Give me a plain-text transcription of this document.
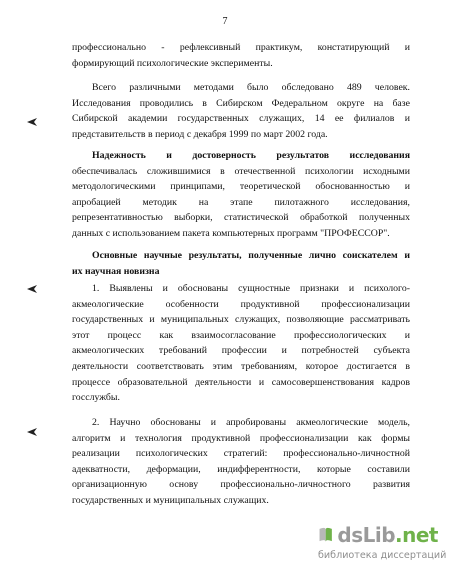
7
профессионально - рефлексивный практикум, констатирующий и
формирующий психологические эксперименты.
Всего различными методами было обследовано 489 человек.
Исследования проводились в Сибирском Федеральном округе на базе
Сибирской академии государственных служащих, 14 ее филиалов и
представительств в период с декабря 1999 по март 2002 года.
Надежность и достоверность результатов исследования
обеспечивалась сложившимися в отечественной психологии исходными
методологическими принципами, теоретической обоснованностью и
апробацией методик на этапе пилотажного исследования,
репрезентативностью выборки, статистической обработкой полученных
данных с использованием пакета компьютерных программ "ПРОФЕССОР".
Основные научные результаты, полученные лично соискателем и
их научная новизна
1. Выявлены и обоснованы сущностные признаки и психолого-
акмеологические особенности продуктивной профессионализации
государственных и муниципальных служащих, позволяющие рассматривать
этот процесс как взаимосогласование профессиологических и
акмеологических требований профессии и потребностей субъекта
деятельности соответствовать этим требованиям, которое достигается в
процессе образовательной деятельности и самосовершенствования кадров
госслужбы.
2. Научно обоснованы и апробированы акмеологические модель,
алгоритм и технология продуктивной профессионализации как формы
реализации психологических стратегий: профессионально-личностной
адекватности, деформации, индифферентности, которые составили
организационную основу профессионально-личностного развития
государственных и муниципальных служащих.
dsLib.net
библиотека диссертаций
